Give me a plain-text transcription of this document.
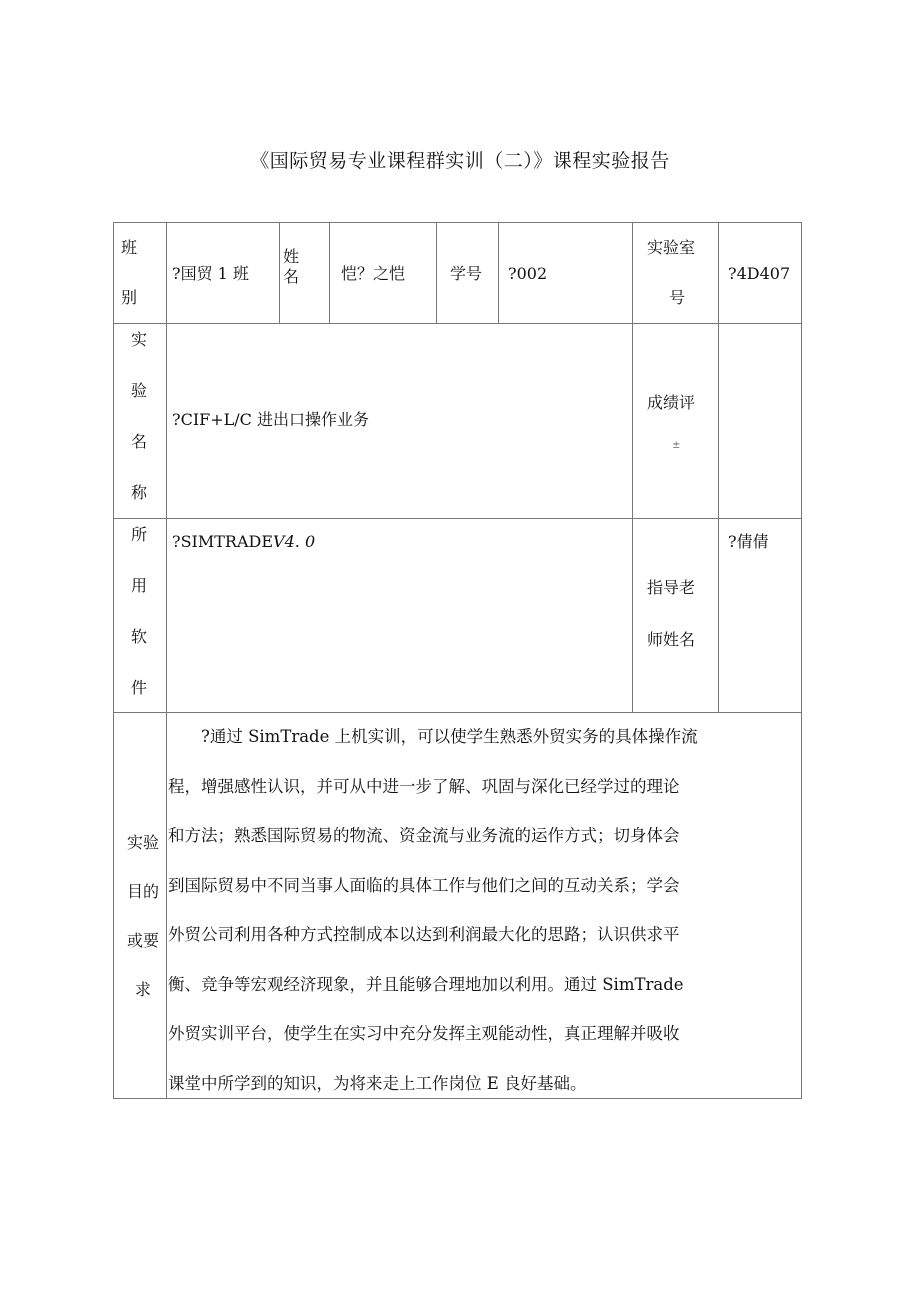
《国际贸易专业课程群实训（二）》课程实验报告
班
别
?国贸 1 班
姓
名	恺？之恺	学号 ?002
实验室
号
?4D407
实
验
名
称
?CIF+L/C 进出口操作业务
成绩评
±
所
用
软
件
?SIMTRADEV4. 0
指导老
师姓名
?倩倩
实验
目的
或要
求
　　?通过 SimTrade 上机实训，可以使学生熟悉外贸实务的具体操作流
程，增强感性认识，并可从中进一步了解、巩固与深化已经学过的理论
和方法；熟悉国际贸易的物流、资金流与业务流的运作方式；切身体会
到国际贸易中不同当事人面临的具体工作与他们之间的互动关系；学会
外贸公司利用各种方式控制成本以达到利润最大化的思路；认识供求平
衡、竞争等宏观经济现象，并且能够合理地加以利用。通过 SimTrade
外贸实训平台，使学生在实习中充分发挥主观能动性，真正理解并吸收
课堂中所学到的知识，为将来走上工作岗位 E 良好基础。
